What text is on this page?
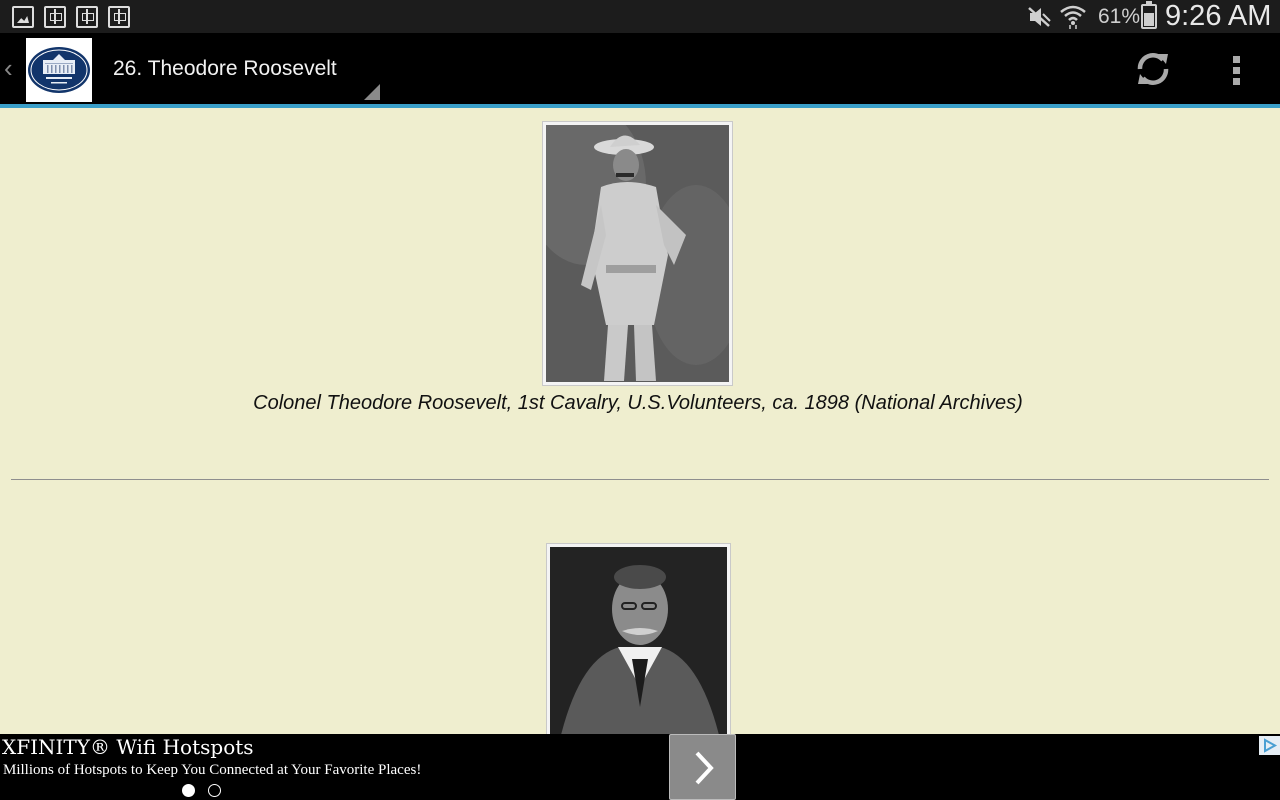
61% 9:26 AM
‹	26. Theodore Roosevelt
Colonel Theodore Roosevelt, 1st Cavalry, U.S.Volunteers, ca. 1898 (National Archives)
XFINITY® Wifi Hotspots
Millions of Hotspots to Keep You Connected at Your Favorite Places!
